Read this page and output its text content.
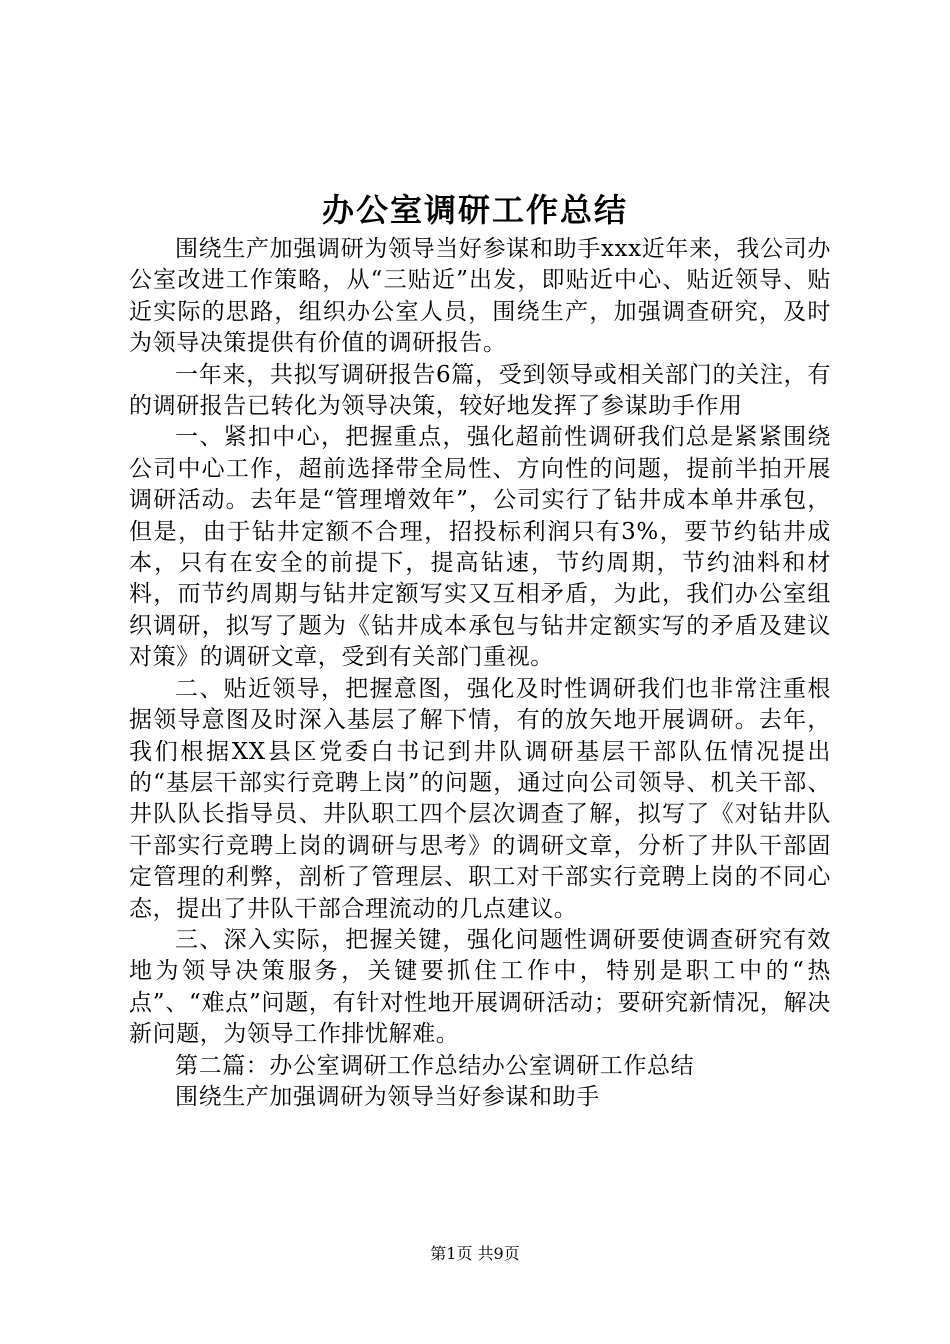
办公室调研工作总结

围绕生产加强调研为领导当好参谋和助手xxx近年来，我公司办公室改进工作策略，从“三贴近”出发，即贴近中心、贴近领导、贴近实际的思路，组织办公室人员，围绕生产，加强调查研究，及时为领导决策提供有价值的调研报告。

一年来，共拟写调研报告6篇，受到领导或相关部门的关注，有的调研报告已转化为领导决策，较好地发挥了参谋助手作用

一、紧扣中心，把握重点，强化超前性调研我们总是紧紧围绕公司中心工作，超前选择带全局性、方向性的问题，提前半拍开展调研活动。去年是“管理增效年”，公司实行了钻井成本单井承包，但是，由于钻井定额不合理，招投标利润只有3%，要节约钻井成本，只有在安全的前提下，提高钻速，节约周期，节约油料和材料，而节约周期与钻井定额写实又互相矛盾，为此，我们办公室组织调研，拟写了题为《钻井成本承包与钻井定额实写的矛盾及建议对策》的调研文章，受到有关部门重视。

二、贴近领导，把握意图，强化及时性调研我们也非常注重根据领导意图及时深入基层了解下情，有的放矢地开展调研。去年，我们根据XX县区党委白书记到井队调研基层干部队伍情况提出的“基层干部实行竞聘上岗”的问题，通过向公司领导、机关干部、井队队长指导员、井队职工四个层次调查了解，拟写了《对钻井队干部实行竞聘上岗的调研与思考》的调研文章，分析了井队干部固定管理的利弊，剖析了管理层、职工对干部实行竞聘上岗的不同心态，提出了井队干部合理流动的几点建议。

三、深入实际，把握关键，强化问题性调研要使调查研究有效地为领导决策服务，关键要抓住工作中，特别是职工中的“热点”、“难点”问题，有针对性地开展调研活动；要研究新情况，解决新问题，为领导工作排忧解难。

第二篇：办公室调研工作总结办公室调研工作总结

围绕生产加强调研为领导当好参谋和助手

第1页 共9页
